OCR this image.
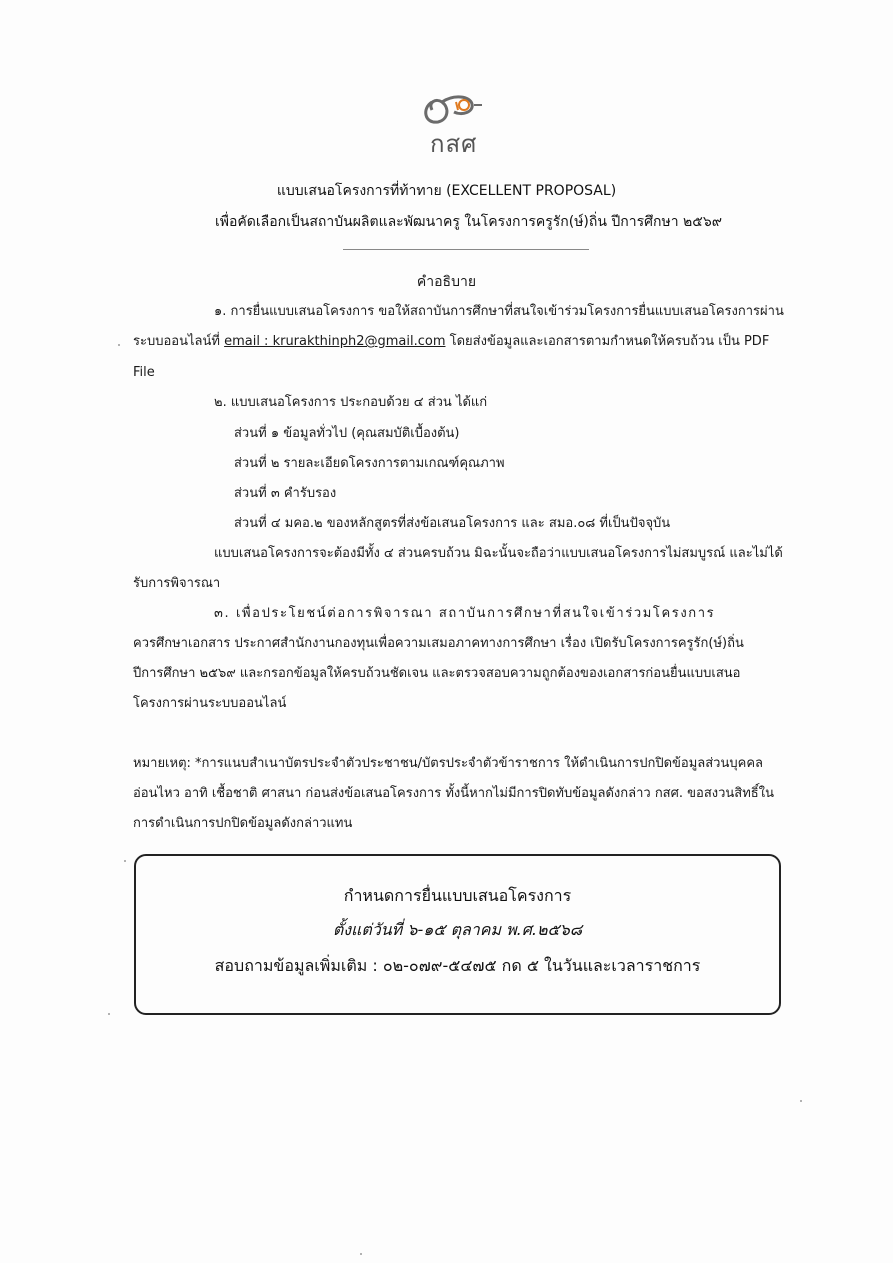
กสศ
แบบเสนอโครงการที่ท้าทาย (EXCELLENT PROPOSAL)
เพื่อคัดเลือกเป็นสถาบันผลิตและพัฒนาครู ในโครงการครูรัก(ษ์)ถิ่น ปีการศึกษา ๒๕๖๙
คำอธิบาย
๑. การยื่นแบบเสนอโครงการ ขอให้สถาบันการศึกษาที่สนใจเข้าร่วมโครงการยื่นแบบเสนอโครงการผ่าน
ระบบออนไลน์ที่ email : krurakthinph2@gmail.com โดยส่งข้อมูลและเอกสารตามกำหนดให้ครบถ้วน เป็น PDF
File
๒. แบบเสนอโครงการ ประกอบด้วย ๔ ส่วน ได้แก่
ส่วนที่ ๑ ข้อมูลทั่วไป (คุณสมบัติเบื้องต้น)
ส่วนที่ ๒ รายละเอียดโครงการตามเกณฑ์คุณภาพ
ส่วนที่ ๓ คำรับรอง
ส่วนที่ ๔ มคอ.๒ ของหลักสูตรที่ส่งข้อเสนอโครงการ และ สมอ.๐๘ ที่เป็นปัจจุบัน
แบบเสนอโครงการจะต้องมีทั้ง ๔ ส่วนครบถ้วน มิฉะนั้นจะถือว่าแบบเสนอโครงการไม่สมบูรณ์ และไม่ได้
รับการพิจารณา
๓. เพื่อประโยชน์ต่อการพิจารณา สถาบันการศึกษาที่สนใจเข้าร่วมโครงการ
ควรศึกษาเอกสาร ประกาศสำนักงานกองทุนเพื่อความเสมอภาคทางการศึกษา เรื่อง เปิดรับโครงการครูรัก(ษ์)ถิ่น
ปีการศึกษา ๒๕๖๙ และกรอกข้อมูลให้ครบถ้วนชัดเจน และตรวจสอบความถูกต้องของเอกสารก่อนยื่นแบบเสนอ
โครงการผ่านระบบออนไลน์
หมายเหตุ: *การแนบสำเนาบัตรประจำตัวประชาชน/บัตรประจำตัวข้าราชการ ให้ดำเนินการปกปิดข้อมูลส่วนบุคคล
อ่อนไหว อาทิ เชื้อชาติ ศาสนา ก่อนส่งข้อเสนอโครงการ ทั้งนี้หากไม่มีการปิดทับข้อมูลดังกล่าว กสศ. ขอสงวนสิทธิ์ใน
การดำเนินการปกปิดข้อมูลดังกล่าวแทน
กำหนดการยื่นแบบเสนอโครงการ
ตั้งแต่วันที่ ๖-๑๕ ตุลาคม พ.ศ.๒๕๖๘
สอบถามข้อมูลเพิ่มเติม : ๐๒-๐๗๙-๕๔๗๕ กด ๕ ในวันและเวลาราชการ
